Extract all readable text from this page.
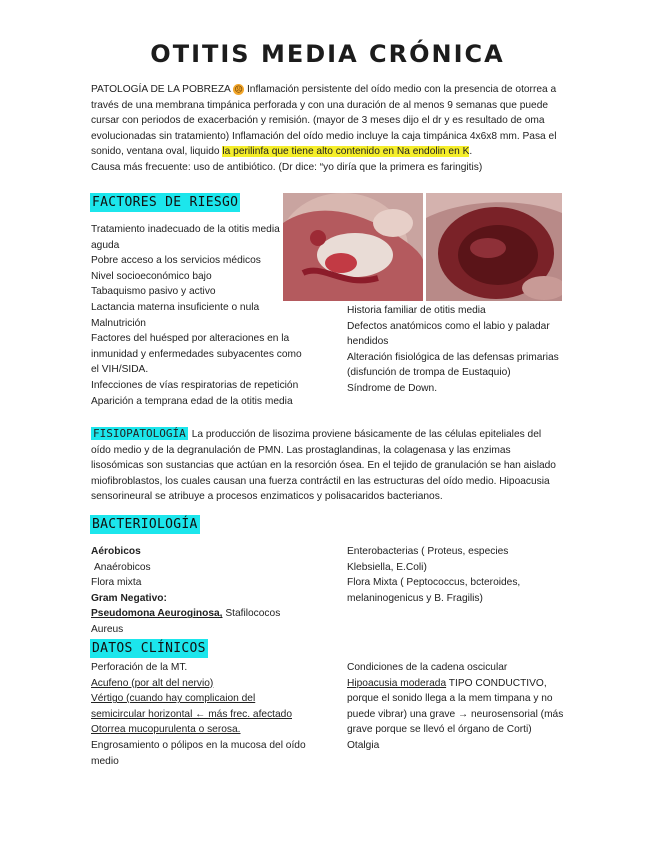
OTITIS MEDIA CRÓNICA
PATOLOGÍA DE LA POBREZA ☹ Inflamación persistente del oído medio con la presencia de otorrea a través de una membrana timpánica perforada y con una duración de al menos 9 semanas que puede cursar con periodos de exacerbación y remisión. (mayor de 3 meses dijo el dr y es resultado de oma evolucionadas sin tratamiento) Inflamación del oído medio incluye la caja timpánica 4x6x8 mm. Pasa el sonido, ventana oval, liquido la perilinfa que tiene alto contenido en Na endolin en K.
Causa más frecuente: uso de antibiótico. (Dr dice: “yo diría que la primera es faringitis)
FACTORES DE RIESGO

Tratamiento inadecuado de la otitis media aguda

Pobre acceso a los servicios médicos

Nivel socioeconómico bajo

Tabaquismo pasivo y activo

Lactancia materna insuficiente o nula

Malnutrición

Factores del huésped por alteraciones en la inmunidad y enfermedades subyacentes como el VIH/SIDA.

Infecciones de vías respiratorias de repetición

Aparición a temprana edad de la otitis media

Historia familiar de otitis media

Defectos anatómicos como el labio y paladar hendidos

Alteración fisiológica de las defensas primarias (disfunción de trompa de Eustaquio)

Síndrome de Down.

FISIOPATOLOGÍA La producción de lisozima proviene básicamente de las células epiteliales del oído medio y de la degranulación de PMN. Las prostaglandinas, la colagenasa y las enzimas lisosómicas son sustancias que actúan en la resorción ósea. En el tejido de granulación se han aislado miofibroblastos, los cuales causan una fuerza contráctil en las estructuras del oído medio. Hipoacusia sensorineural se atribuye a procesos enzimaticos y polisacaridos bacterianos.
BACTERIOLOGÍA

Aérobicos

Anaérobicos

Flora mixta

Gram Negativo:

Pseudomona Aeuroginosa, Stafilococos Aureus

Enterobacterias ( Proteus, especies Klebsiella, E.Coli)

Flora Mixta ( Peptococcus, bcteroides, melaninogenicus y B. Fragilis)

DATOS CLÍNICOS

Perforación de la MT.

Acufeno (por alt del nervio)

Vértigo (cuando hay complicaion del semicircular horizontal ← más frec. afectado

Otorrea mucopurulenta o serosa.

Engrosamiento o pólipos en la mucosa del oído medio

Condiciones de la cadena oscicular

Hipoacusia moderada TIPO CONDUCTIVO, porque el sonido llega a la mem timpana y no puede vibrar) una grave → neurosensorial (más grave porque se llevó el órgano de Corti)

Otalgia
